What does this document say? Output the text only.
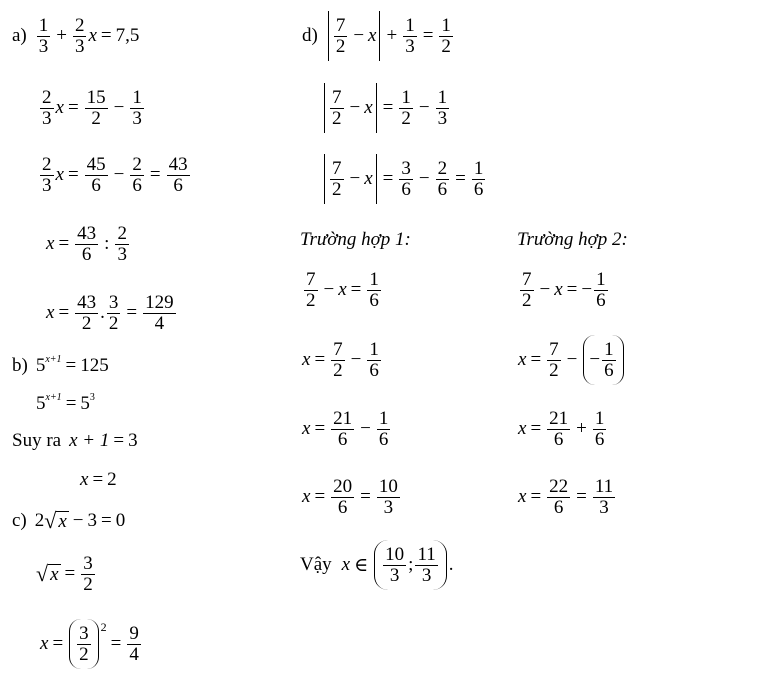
$a) \frac{1}{3} + \frac{2}{3}$ x = 7,5
$\frac{2}{3}$ $x = \frac{15}{2} - \frac{1}{3}$
$\frac{2}{3}$ $x = \frac{45}{6} - \frac{2}{6} = \frac{43}{6}$
$x = \frac{43}{6}$ : $\frac{2}{3}$
$x = \frac{43}{2}$ . $\frac{3}{2} = \frac{129}{4}$
b) $5^{x+1} = 125$
$5^{x+1} = 5^3$
Suy ra x + 1 = 3
x = 2
c) 2 √ x − 3 = 0
√ $x = \frac{3}{2}$
$x = \frac{3}{2} 2$
= $\frac{9}{4}$
$d) \frac{7}{2} - x + \frac{1}{3} = \frac{1}{2}$
$\frac{7}{2} - x = \frac{1}{2} - \frac{1}{3}$
$\frac{7}{2} - x = \frac{3}{6} - \frac{2}{6} = \frac{1}{6}$
Trường hợp 1:	Trường hợp 2:
$\frac{7}{2} - x = \frac{1}{6}$
$x = \frac{7}{2} - \frac{1}{6}$
$x = \frac{21}{6} - \frac{1}{6}$
$x = \frac{20}{6} = \frac{10}{3}$
$\frac{7}{2} - x$ = − $\frac{1}{6}$
$x = \frac{7}{2}$ − − $\frac{1}{6}$
$x = \frac{21}{6} + \frac{1}{6}$
$x = \frac{22}{6} = \frac{11}{3}$
Vậy x ∈ $\frac{10}{3}$ ; $\frac{11}{3}$ .
